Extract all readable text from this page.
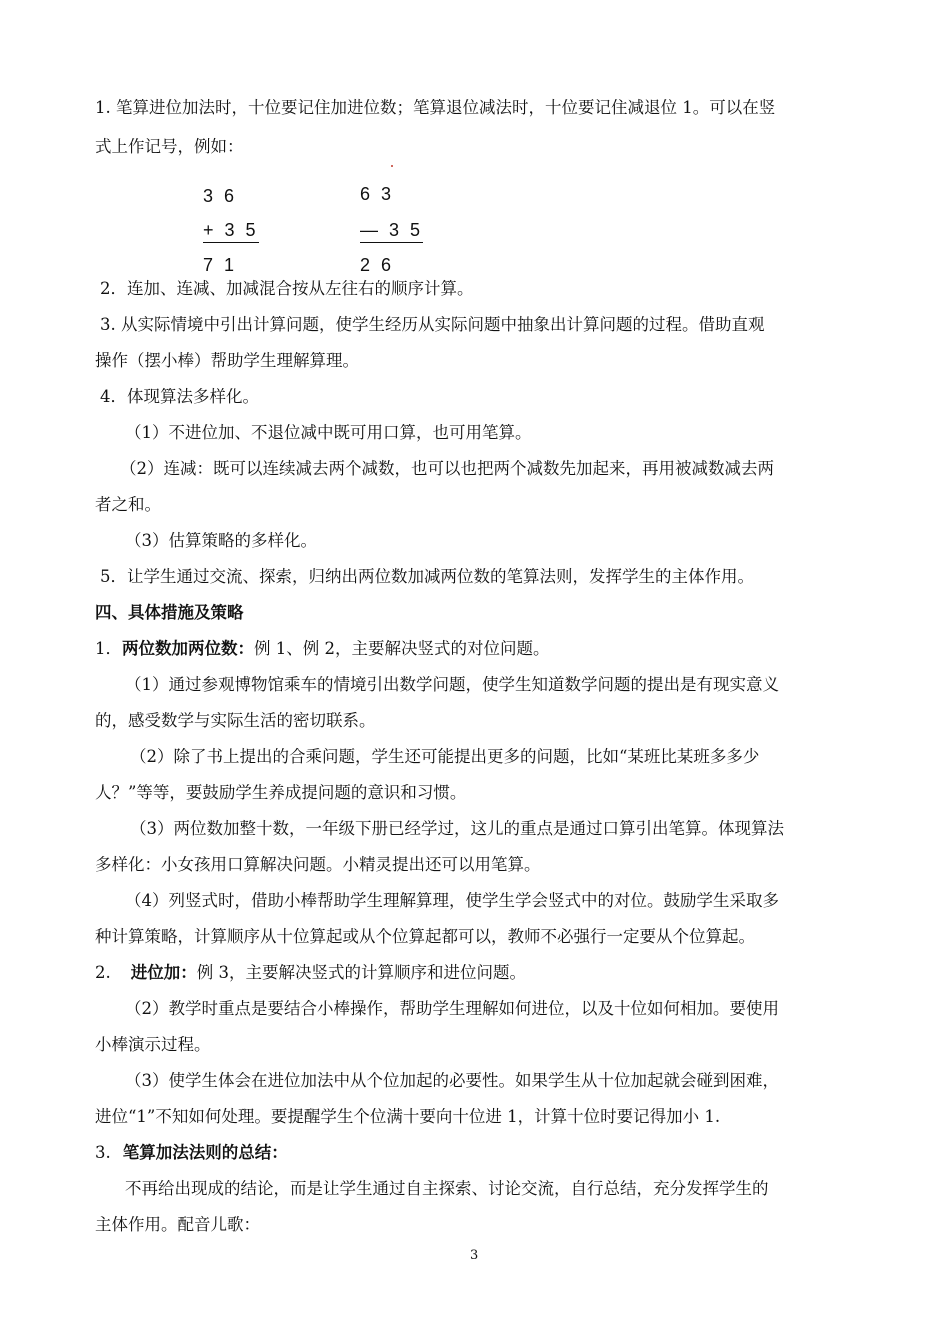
1. 笔算进位加法时，十位要记住加进位数；笔算退位减法时，十位要记住减退位 1。可以在竖
式上作记号，例如：
3 6
+ 3 5
7 1
6 3
— 3 5
2 6
2．连加、连减、加减混合按从左往右的顺序计算。
3. 从实际情境中引出计算问题，使学生经历从实际问题中抽象出计算问题的过程。借助直观
操作（摆小棒）帮助学生理解算理。
4．体现算法多样化。
（1）不进位加、不退位减中既可用口算，也可用笔算。
（2）连减：既可以连续减去两个减数，也可以也把两个减数先加起来，再用被减数减去两
者之和。
（3）估算策略的多样化。
5．让学生通过交流、探索，归纳出两位数加减两位数的笔算法则，发挥学生的主体作用。
四、具体措施及策略
1．两位数加两位数：例 1、例 2，主要解决竖式的对位问题。
（1）通过参观博物馆乘车的情境引出数学问题，使学生知道数学问题的提出是有现实意义
的，感受数学与实际生活的密切联系。
（2）除了书上提出的合乘问题，学生还可能提出更多的问题，比如“某班比某班多多少
人？”等等，要鼓励学生养成提问题的意识和习惯。
（3）两位数加整十数，一年级下册已经学过，这儿的重点是通过口算引出笔算。体现算法
多样化：小女孩用口算解决问题。小精灵提出还可以用笔算。
（4）列竖式时，借助小棒帮助学生理解算理，使学生学会竖式中的对位。鼓励学生采取多
种计算策略，计算顺序从十位算起或从个位算起都可以，教师不必强行一定要从个位算起。
2. 进位加：例 3，主要解决竖式的计算顺序和进位问题。
（2）教学时重点是要结合小棒操作，帮助学生理解如何进位，以及十位如何相加。要使用
小棒演示过程。
（3）使学生体会在进位加法中从个位加起的必要性。如果学生从十位加起就会碰到困难，
进位“1”不知如何处理。要提醒学生个位满十要向十位进 1，计算十位时要记得加小 1.
3. 笔算加法法则的总结：
不再给出现成的结论，而是让学生通过自主探索、讨论交流，自行总结，充分发挥学生的
主体作用。配音儿歌：
3
